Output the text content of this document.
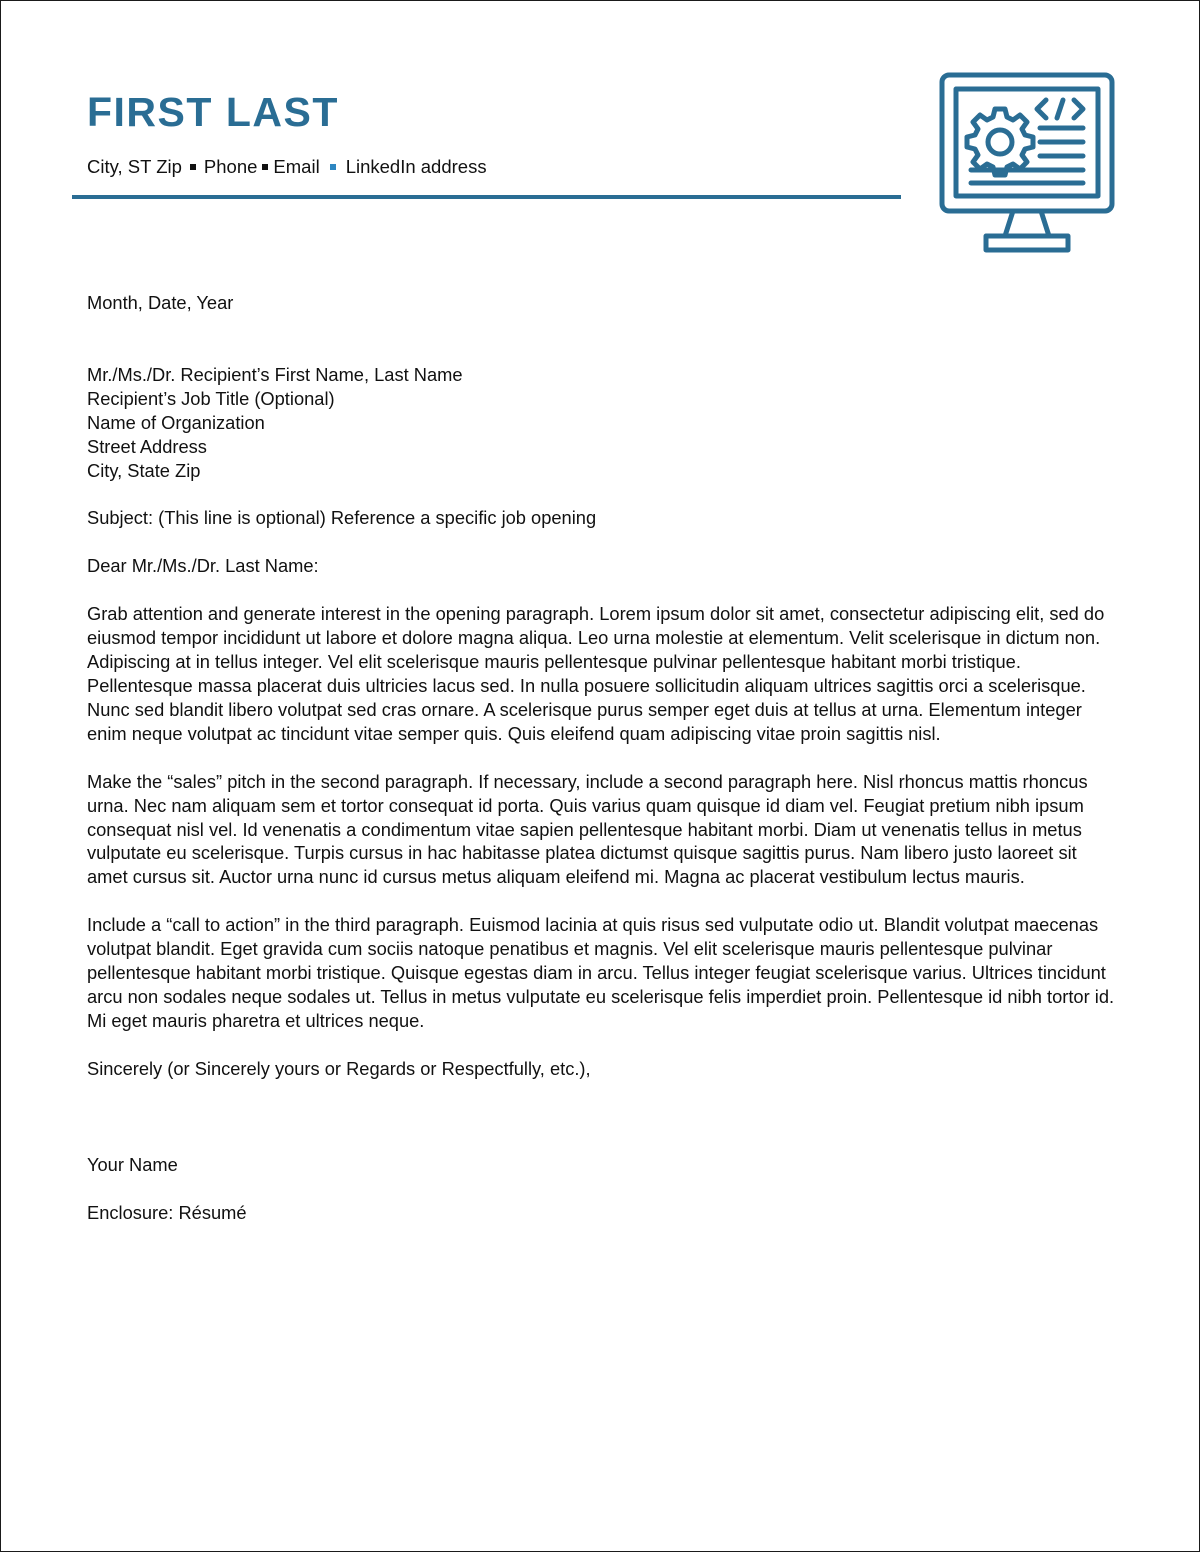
FIRST LAST
City, ST Zip Phone Email LinkedIn address

Month, Date, Year

Mr./Ms./Dr. Recipient’s First Name, Last Name

Recipient’s Job Title (Optional)

Name of Organization

Street Address

City, State Zip

Subject: (This line is optional) Reference a specific job opening

Dear Mr./Ms./Dr. Last Name:

Grab attention and generate interest in the opening paragraph. Lorem ipsum dolor sit amet, consectetur adipiscing elit, sed do eiusmod tempor incididunt ut labore et dolore magna aliqua. Leo urna molestie at elementum. Velit scelerisque in dictum non. Adipiscing at in tellus integer. Vel elit scelerisque mauris pellentesque pulvinar pellentesque habitant morbi tristique. Pellentesque massa placerat duis ultricies lacus sed. In nulla posuere sollicitudin aliquam ultrices sagittis orci a scelerisque. Nunc sed blandit libero volutpat sed cras ornare. A scelerisque purus semper eget duis at tellus at urna. Elementum integer enim neque volutpat ac tincidunt vitae semper quis. Quis eleifend quam adipiscing vitae proin sagittis nisl.

Make the “sales” pitch in the second paragraph. If necessary, include a second paragraph here. Nisl rhoncus mattis rhoncus urna. Nec nam aliquam sem et tortor consequat id porta. Quis varius quam quisque id diam vel. Feugiat pretium nibh ipsum consequat nisl vel. Id venenatis a condimentum vitae sapien pellentesque habitant morbi. Diam ut venenatis tellus in metus vulputate eu scelerisque. Turpis cursus in hac habitasse platea dictumst quisque sagittis purus. Nam libero justo laoreet sit amet cursus sit. Auctor urna nunc id cursus metus aliquam eleifend mi. Magna ac placerat vestibulum lectus mauris.

Include a “call to action” in the third paragraph. Euismod lacinia at quis risus sed vulputate odio ut. Blandit volutpat maecenas volutpat blandit. Eget gravida cum sociis natoque penatibus et magnis. Vel elit scelerisque mauris pellentesque pulvinar pellentesque habitant morbi tristique. Quisque egestas diam in arcu. Tellus integer feugiat scelerisque varius. Ultrices tincidunt arcu non sodales neque sodales ut. Tellus in metus vulputate eu scelerisque felis imperdiet proin. Pellentesque id nibh tortor id. Mi eget mauris pharetra et ultrices neque.

Sincerely (or Sincerely yours or Regards or Respectfully, etc.),

Your Name

Enclosure: Résumé
